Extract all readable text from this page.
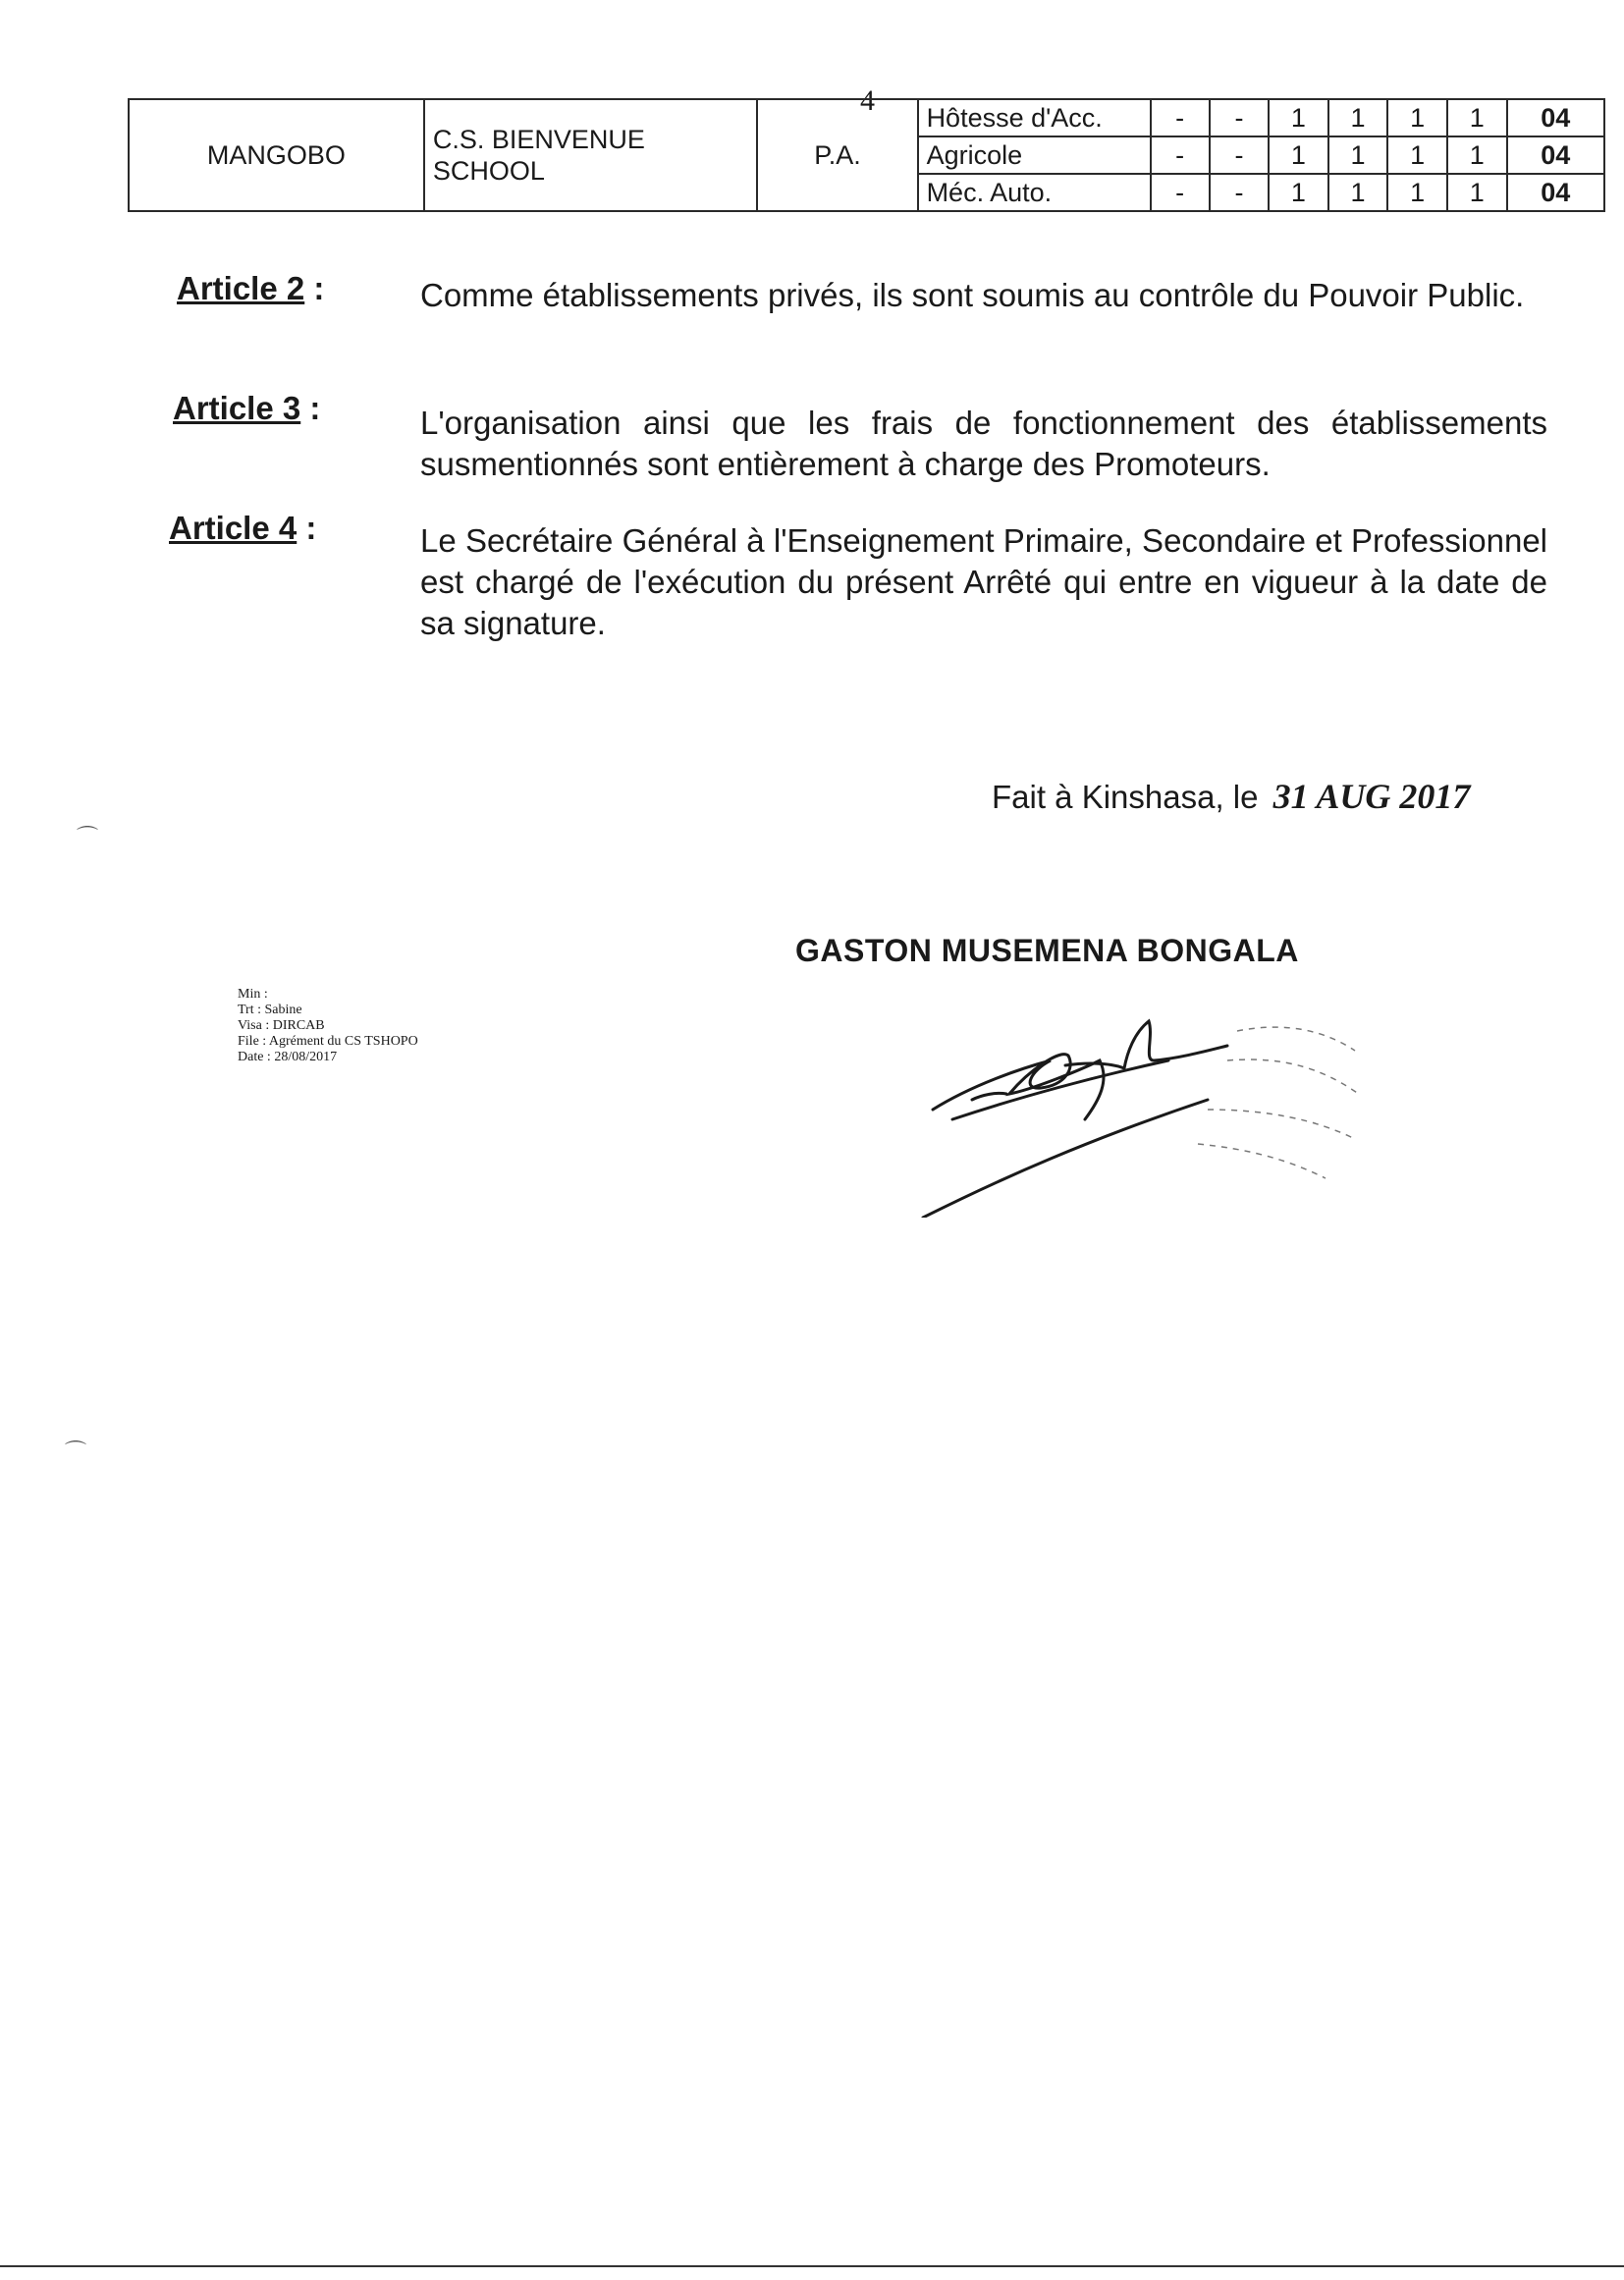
4
MANGOBO	C.S. BIENVENUE SCHOOL	P.A.	Hôtesse d'Acc.	-	-	1	1	1	1	04
			Agricole	-	-	1	1	1	1	04
			Méc. Auto.	-	-	1	1	1	1	04
Article 2 :	Comme établissements privés, ils sont soumis au contrôle du Pouvoir Public.
Article 3 :	L'organisation ainsi que les frais de fonctionnement des établissements susmentionnés sont entièrement à charge des Promoteurs.
Article 4 :	Le Secrétaire Général à l'Enseignement Primaire, Secondaire et Professionnel est chargé de l'exécution du présent Arrêté qui entre en vigueur à la date de sa signature.
Fait à Kinshasa, le 31 AUG 2017
GASTON MUSEMENA BONGALA
Min :
Trt : Sabine
Visa : DIRCAB
File : Agrément du CS TSHOPO
Date : 28/08/2017
⌒
⌒
